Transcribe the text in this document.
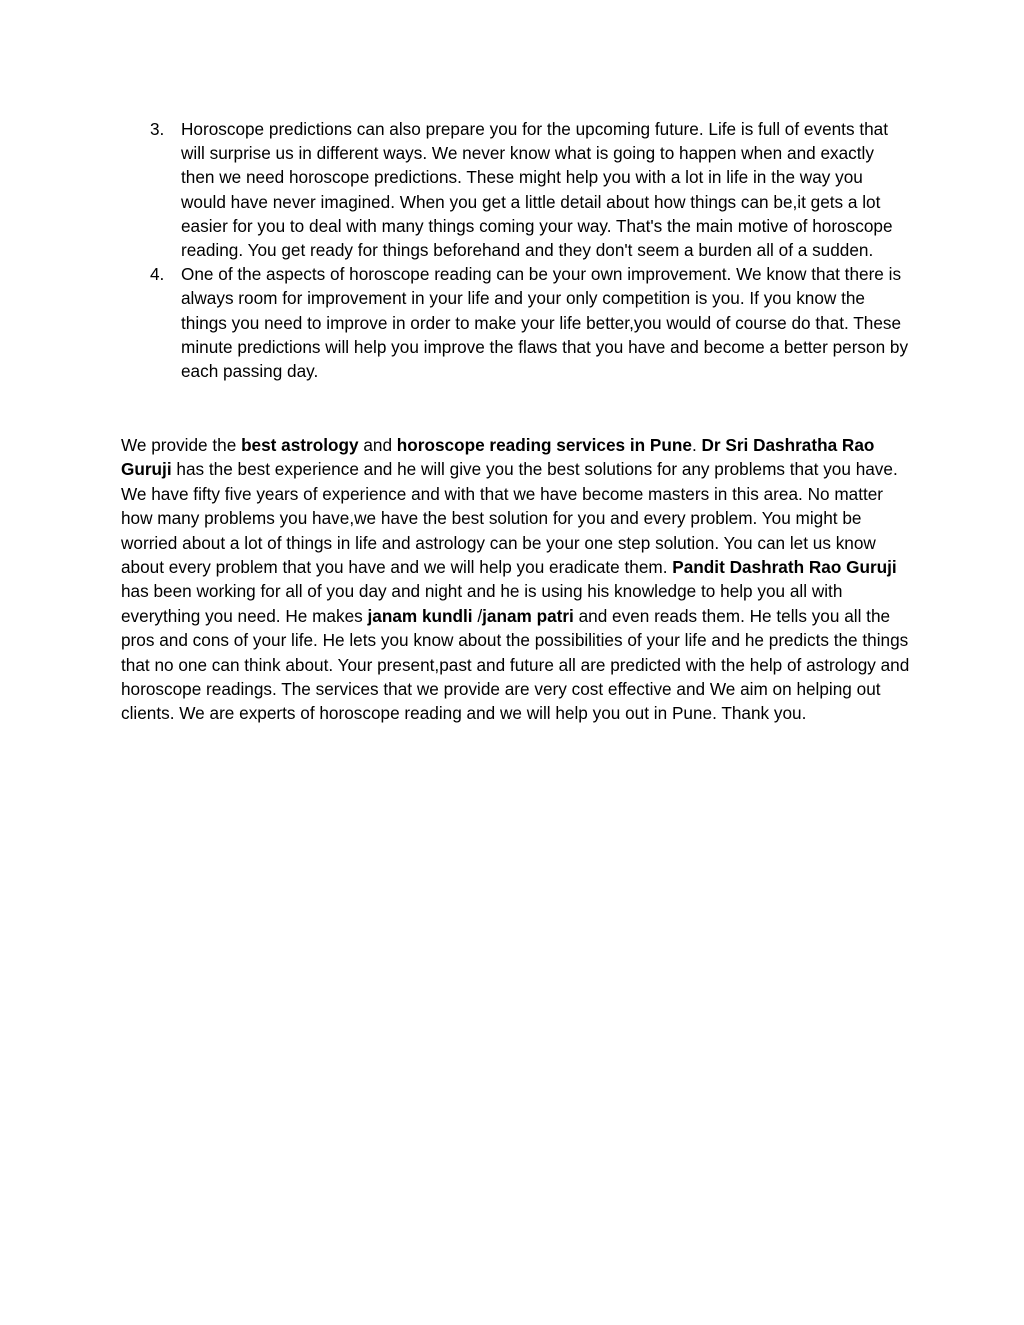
3. Horoscope predictions can also prepare you for the upcoming future. Life is full of events that will surprise us in different ways. We never know what is going to happen when and exactly then we need horoscope predictions. These might help you with a lot in life in the way you would have never imagined. When you get a little detail about how things can be,it gets a lot easier for you to deal with many things coming your way. That's the main motive of horoscope reading. You get ready for things beforehand and they don't seem a burden all of a sudden.
4. One of the aspects of horoscope reading can be your own improvement. We know that there is always room for improvement in your life and your only competition is you. If you know the things you need to improve in order to make your life better,you would of course do that. These minute predictions will help you improve the flaws that you have and become a better person by each passing day.

We provide the best astrology and horoscope reading services in Pune. Dr Sri Dashratha Rao Guruji has the best experience and he will give you the best solutions for any problems that you have. We have fifty five years of experience and with that we have become masters in this area. No matter how many problems you have,we have the best solution for you and every problem. You might be worried about a lot of things in life and astrology can be your one step solution. You can let us know about every problem that you have and we will help you eradicate them. Pandit Dashrath Rao Guruji has been working for all of you day and night and he is using his knowledge to help you all with everything you need. He makes janam kundli /janam patri and even reads them. He tells you all the pros and cons of your life. He lets you know about the possibilities of your life and he predicts the things that no one can think about. Your present,past and future all are predicted with the help of astrology and horoscope readings. The services that we provide are very cost effective and We aim on helping out clients. We are experts of horoscope reading and we will help you out in Pune. Thank you.
